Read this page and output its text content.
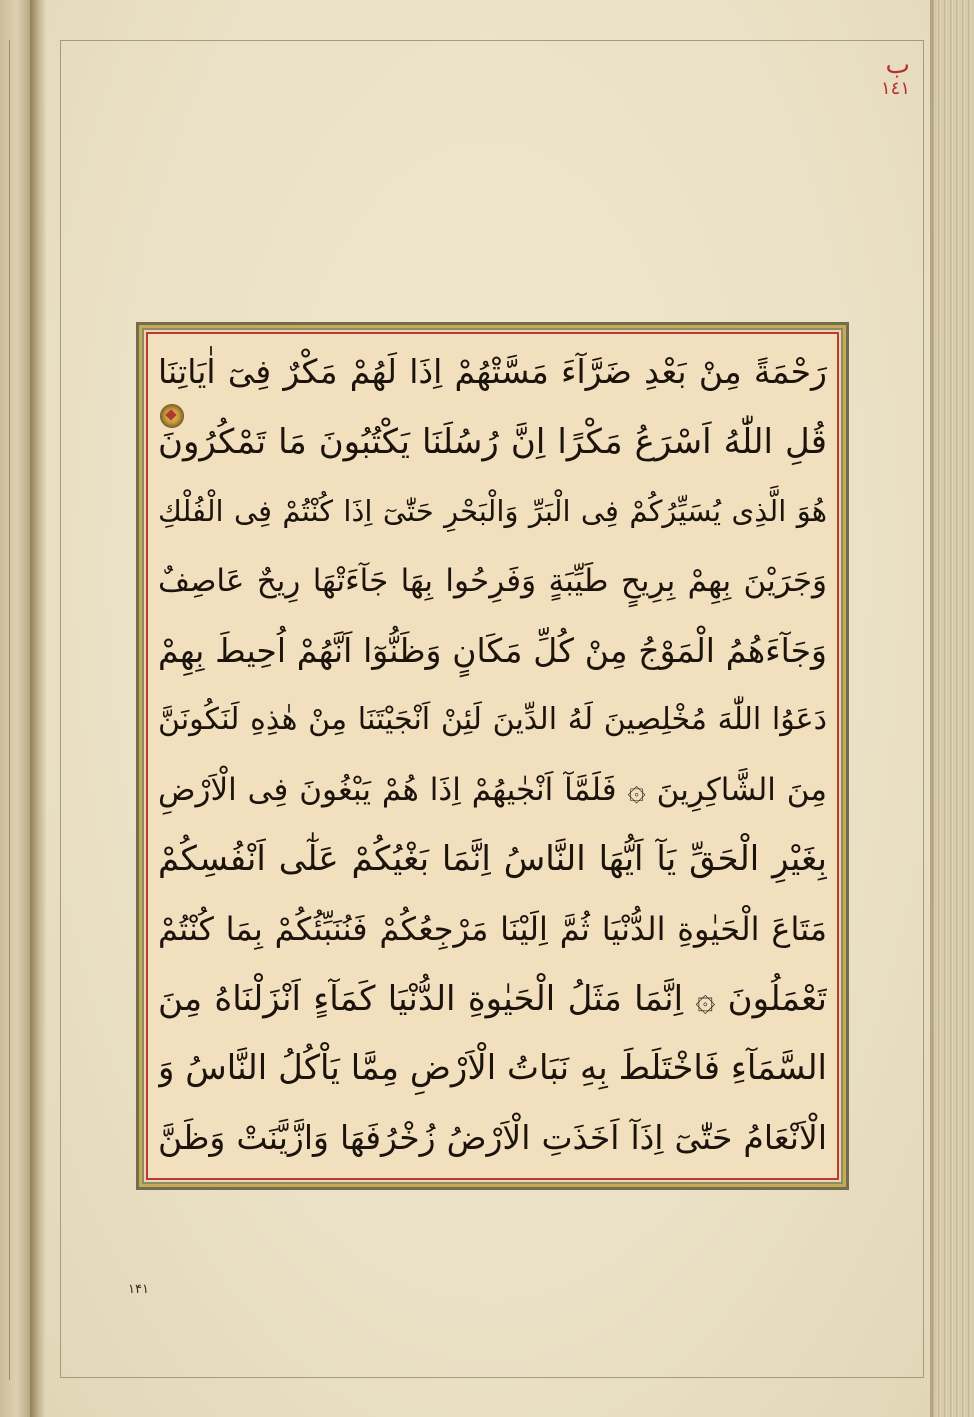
ب
١٤١
رَحْمَةً مِنْ بَعْدِ ضَرَّآءَ مَسَّتْهُمْ اِذَا لَهُمْ مَكْرٌ فِىٓ اٰيَاتِنَا
قُلِ اللّٰهُ اَسْرَعُ مَكْرًا اِنَّ رُسُلَنَا يَكْتُبُونَ مَا تَمْكُرُونَ
هُوَ الَّذِى يُسَيِّرُكُمْ فِى الْبَرِّ وَالْبَحْرِ حَتّٰىٓ اِذَا كُنْتُمْ فِى الْفُلْكِ
وَجَرَيْنَ بِهِمْ بِرِيحٍ طَيِّبَةٍ وَفَرِحُوا بِهَا جَآءَتْهَا رِيحٌ عَاصِفٌ
وَجَآءَهُمُ الْمَوْجُ مِنْ كُلِّ مَكَانٍ وَظَنُّوٓا اَنَّهُمْ اُحِيطَ بِهِمْ
دَعَوُا اللّٰهَ مُخْلِصِينَ لَهُ الدِّينَ لَئِنْ اَنْجَيْتَنَا مِنْ هٰذِهِ لَنَكُونَنَّ
مِنَ الشَّاكِرِينَ ۞ فَلَمَّآ اَنْجٰيهُمْ اِذَا هُمْ يَبْغُونَ فِى الْاَرْضِ
بِغَيْرِ الْحَقِّ يَآ اَيُّهَا النَّاسُ اِنَّمَا بَغْيُكُمْ عَلٰٓى اَنْفُسِكُمْ
مَتَاعَ الْحَيٰوةِ الدُّنْيَا ثُمَّ اِلَيْنَا مَرْجِعُكُمْ فَنُنَبِّئُكُمْ بِمَا كُنْتُمْ
تَعْمَلُونَ ۞ اِنَّمَا مَثَلُ الْحَيٰوةِ الدُّنْيَا كَمَآءٍ اَنْزَلْنَاهُ مِنَ
السَّمَآءِ فَاخْتَلَطَ بِهِ نَبَاتُ الْاَرْضِ مِمَّا يَاْكُلُ النَّاسُ وَ
الْاَنْعَامُ حَتّٰىٓ اِذَآ اَخَذَتِ الْاَرْضُ زُخْرُفَهَا وَازَّيَّنَتْ وَظَنَّ
١۴١
